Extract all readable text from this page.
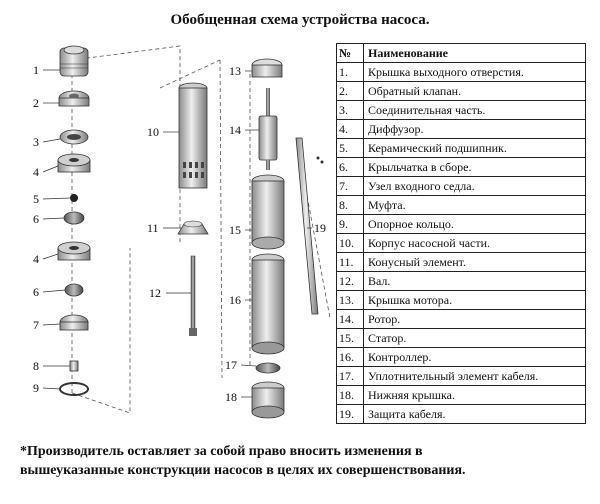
Обобщенная схема устройства насоса.
1
2
3
4
5
6
4
6
7
8
9
10
11
12
13
14
15
16
17
18
19
№	Наименование
1.	Крышка выходного отверстия.
2.	Обратный клапан.
3.	Соединительная часть.
4.	Диффузор.
5.	Керамический подшипник.
6.	Крыльчатка в сборе.
7.	Узел входного седла.
8.	Муфта.
9.	Опорное кольцо.
10.	Корпус насосной части.
11.	Конусный элемент.
12.	Вал.
13.	Крышка мотора.
14.	Ротор.
15.	Статор.
16.	Контроллер.
17.	Уплотнительный элемент кабеля.
18.	Нижняя крышка.
19.	Защита кабеля.
*Производитель оставляет за собой право вносить изменения в
вышеуказанные конструкции насосов в целях их совершенствования.
